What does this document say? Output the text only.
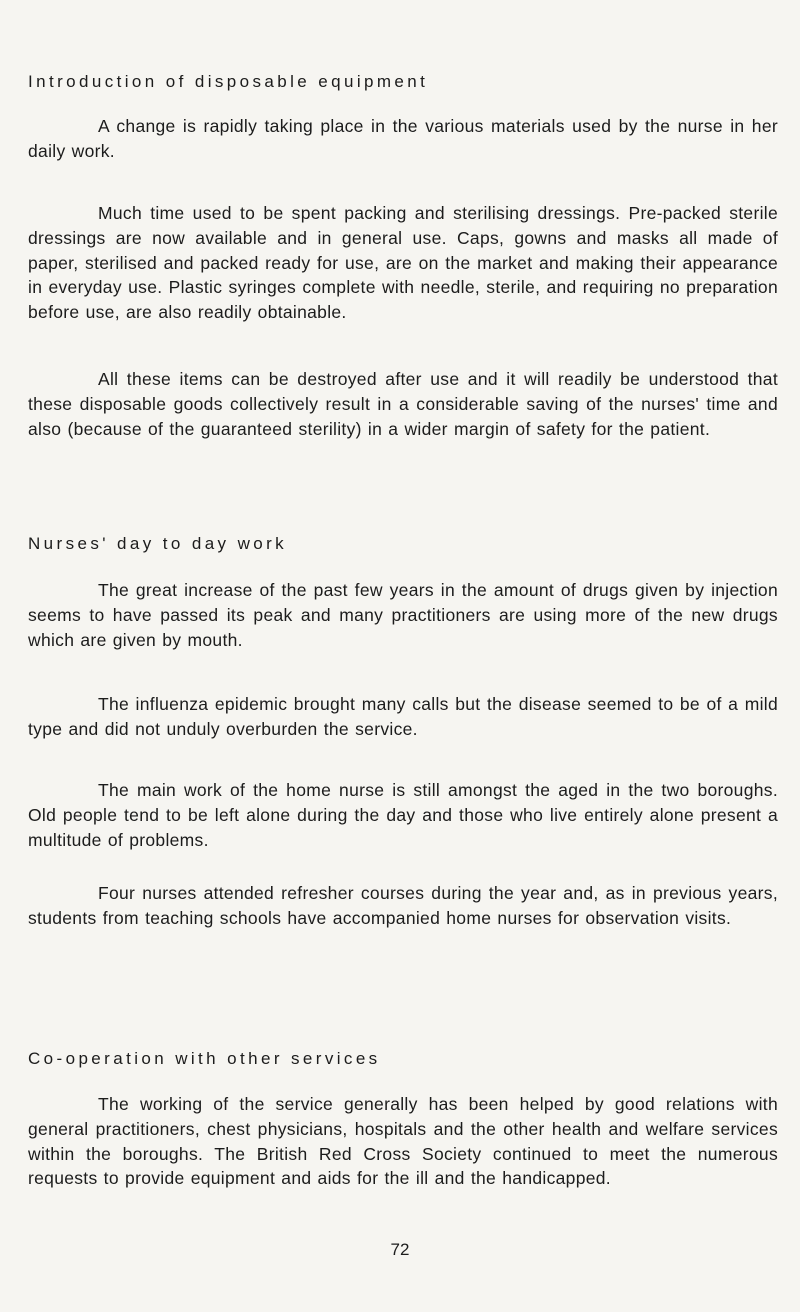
Introduction of disposable equipment

A change is rapidly taking place in the various materials used by the nurse in her daily work.

Much time used to be spent packing and sterilising dressings. Pre-packed sterile dressings are now available and in general use. Caps, gowns and masks all made of paper, sterilised and packed ready for use, are on the market and making their appearance in everyday use. Plastic syringes complete with needle, sterile, and requiring no preparation before use, are also readily obtainable.

All these items can be destroyed after use and it will readily be understood that these disposable goods collectively result in a considerable saving of the nurses' time and also (because of the guaranteed sterility) in a wider margin of safety for the patient.

Nurses' day to day work

The great increase of the past few years in the amount of drugs given by injection seems to have passed its peak and many practitioners are using more of the new drugs which are given by mouth.

The influenza epidemic brought many calls but the disease seemed to be of a mild type and did not unduly overburden the service.

The main work of the home nurse is still amongst the aged in the two boroughs. Old people tend to be left alone during the day and those who live entirely alone present a multitude of problems.

Four nurses attended refresher courses during the year and, as in previous years, students from teaching schools have accompanied home nurses for observation visits.

Co-operation with other services

The working of the service generally has been helped by good relations with general practitioners, chest physicians, hospitals and the other health and welfare services within the boroughs. The British Red Cross Society continued to meet the numerous requests to provide equipment and aids for the ill and the handicapped.

72
